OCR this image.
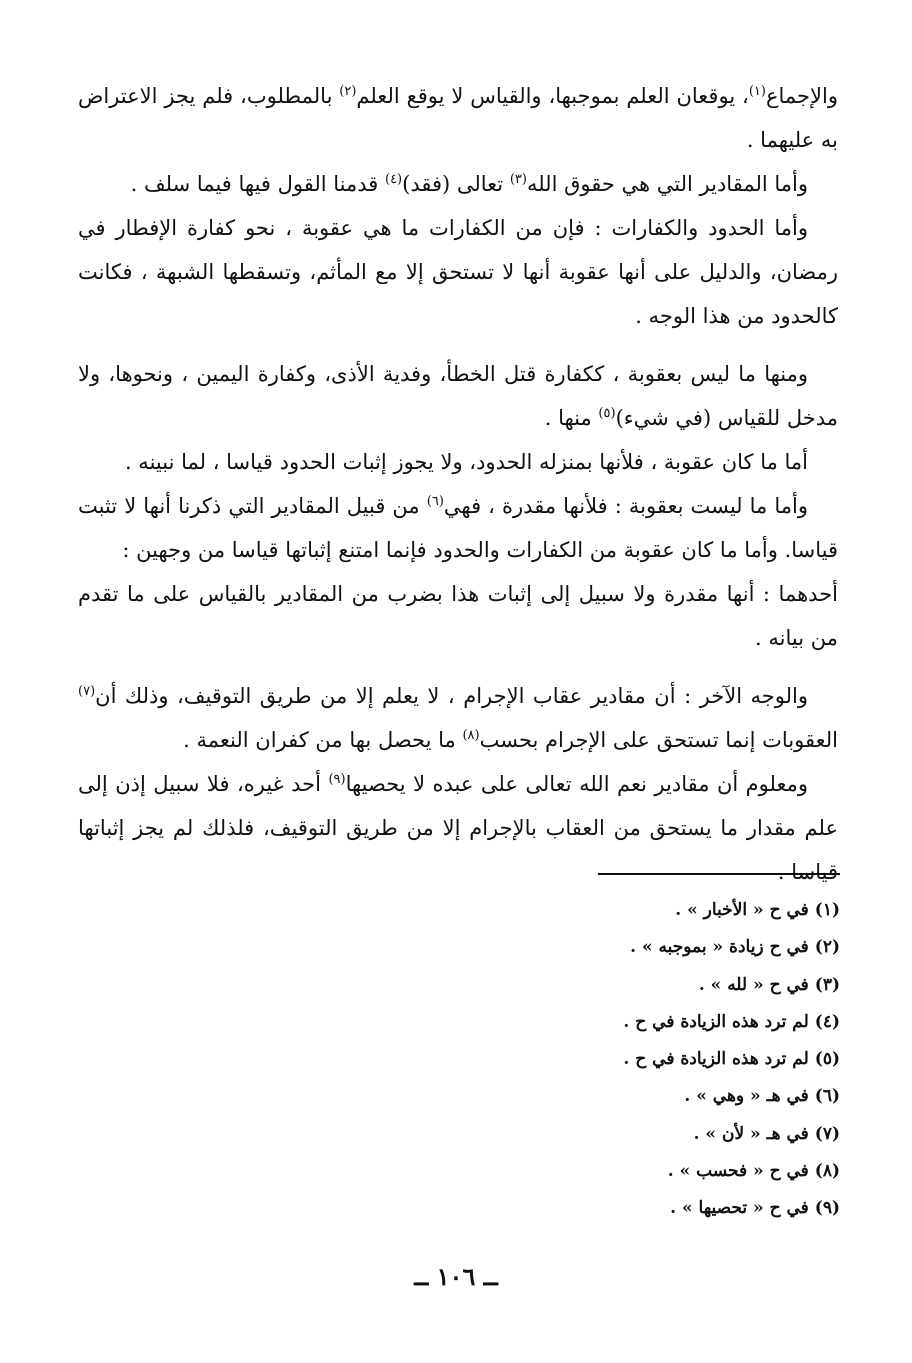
والإجماع$^{(١)}$، يوقعان العلم بموجبها، والقياس لا يوقع العلم$^{(٢)}$ بالمطلوب، فلم يجز الاعتراض به عليهما .

وأما المقادير التي هي حقوق الله$^{(٣)}$ تعالى (فقد)$^{(٤)}$ قدمنا القول فيها فيما سلف .

وأما الحدود والكفارات : فإن من الكفارات ما هي عقوبة ، نحو كفارة الإفطار في رمضان، والدليل على أنها عقوبة أنها لا تستحق إلا مع المأثم، وتسقطها الشبهة ، فكانت كالحدود من هذا الوجه .

ومنها ما ليس بعقوبة ، ككفارة قتل الخطأ، وفدية الأذى، وكفارة اليمين ، ونحوها، ولا مدخل للقياس (في شيء)$^{(٥)}$ منها .

أما ما كان عقوبة ، فلأنها بمنزله الحدود، ولا يجوز إثبات الحدود قياسا ، لما نبينه .

وأما ما ليست بعقوبة : فلأنها مقدرة ، فهي$^{(٦)}$ من قبيل المقادير التي ذكرنا أنها لا تثبت قياسا. وأما ما كان عقوبة من الكفارات والحدود فإنما امتنع إثباتها قياسا من وجهين :

أحدهما : أنها مقدرة ولا سبيل إلى إثبات هذا بضرب من المقادير بالقياس على ما تقدم من بيانه .

والوجه الآخر : أن مقادير عقاب الإجرام ، لا يعلم إلا من طريق التوقيف، وذلك أن$^{(٧)}$ العقوبات إنما تستحق على الإجرام بحسب$^{(٨)}$ ما يحصل بها من كفران النعمة .

ومعلوم أن مقادير نعم الله تعالى على عبده لا يحصيها$^{(٩)}$ أحد غيره، فلا سبيل إذن إلى علم مقدار ما يستحق من العقاب بالإجرام إلا من طريق التوقيف، فلذلك لم يجز إثباتها قياسا .

(١)في ح « الأخبار » .
(٢)في ح زيادة « بموجبه » .
(٣)في ح « لله » .
(٤)لم ترد هذه الزيادة في ح .
(٥)لم ترد هذه الزيادة في ح .
(٦)في هـ « وهي » .
(٧)في هـ « لأن » .
(٨)في ح « فحسب » .
(٩)في ح « تحصيها » .
ــ ١٠٦ ــ
